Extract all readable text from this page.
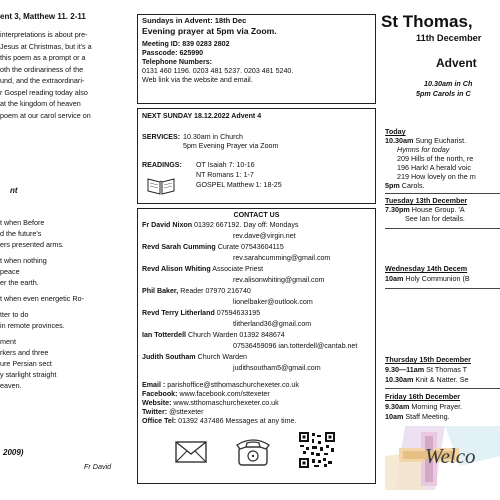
ent 3, Matthew 11. 2-11
interpretations is about pre-
Jesus at Christmas, but it's a
this poem as a prompt or a
oth the ordinariness of the
und, and the extraordinari-
r Gospel reading today also
at the kingdom of heaven
poem at our carol service on
nt
t when Before
d the future's
ers presented arms.
t when nothing
peace
er the earth.
t when even energetic Ro-
tter to do
in remote provinces.
ment
rkers and three
ure Persian sect
y starlight straight
eaven.
2009)
Fr David
Sundays in Advent: 18th Dec
Evening prayer at 5pm via Zoom.
Meeting ID: 839 0283 2802
Passcode: 625990
Telephone Numbers:
0131 460 1196. 0203 481 5237. 0203 481 5240.
Web link via the website and email.
NEXT SUNDAY 18.12.2022 Advent 4
SERVICES: 10.30am in Church
5pm Evening Prayer via Zoom
READINGS: OT Isaiah 7: 10-16
NT Romans 1: 1-7
GOSPEL Matthew 1: 18-25
CONTACT US
Fr David Nixon 01392 667192. Day off: Mondays
rev.dave@virgin.net
Revd Sarah Cumming Curate 07543604115
rev.sarahcumming@gmail.com
Revd Alison Whiting Associate Priest
rev.alisonwhiting@gmail.com
Phil Baker, Reader 07970 216740
lionelbaker@outlook.com
Revd Terry Litherland 07594633195
tlitherland36@gmail.com
Ian Totterdell Church Warden 01392 848674
07536459096 ian.totterdell@cantab.net
Judith Southam Church Warden
judithsoutham5@gmail.com
Email : parishoffice@stthomaschurchexeter.co.uk
Facebook: www.facebook.com/sttexeter
Website: www.stthomaschurchexeter.co.uk
Twitter: @sttexeter
Office Tel: 01392 437486 Messages at any time.
St Thomas,
11th December
Advent
10.30am in Ch
5pm Carols in C
Today
10.30am Sung Eucharist.
Hymns for today
209 Hills of the north, re
196 Hark! A herald voic
219 How lovely on the m
5pm Carols.
Tuesday 13th December
7.30pm House Group. 'A
See Ian for details.
Wednesday 14th Decem
10am Holy Communion (B
Thursday 15th December
9.30—11am St Thomas T
10.30am Knit & Natter. Se
Friday 16th December
9.30am Morning Prayer.
10am Staff Meeting.
Welco
